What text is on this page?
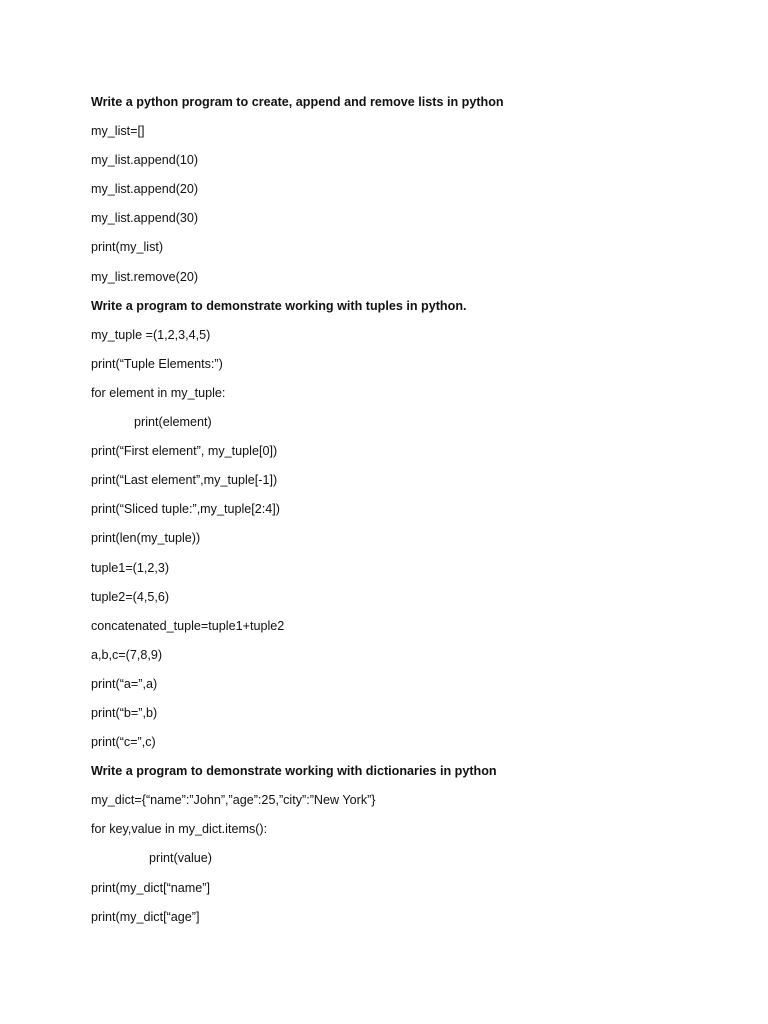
Write a python program to create, append and remove lists in python
my_list=[]
my_list.append(10)
my_list.append(20)
my_list.append(30)
print(my_list)
my_list.remove(20)
Write a program to demonstrate working with tuples in python.
my_tuple =(1,2,3,4,5)
print(“Tuple Elements:”)
for element in my_tuple:
print(element)
print(“First element”, my_tuple[0])
print(“Last element”,my_tuple[-1])
print(“Sliced tuple:”,my_tuple[2:4])
print(len(my_tuple))
tuple1=(1,2,3)
tuple2=(4,5,6)
concatenated_tuple=tuple1+tuple2
a,b,c=(7,8,9)
print(“a=”,a)
print(“b=”,b)
print(“c=”,c)
Write a program to demonstrate working with dictionaries in python
my_dict={“name”:”John”,”age”:25,”city”:”New York”}
for key,value in my_dict.items():
print(value)
print(my_dict[“name”]
print(my_dict[“age”]
